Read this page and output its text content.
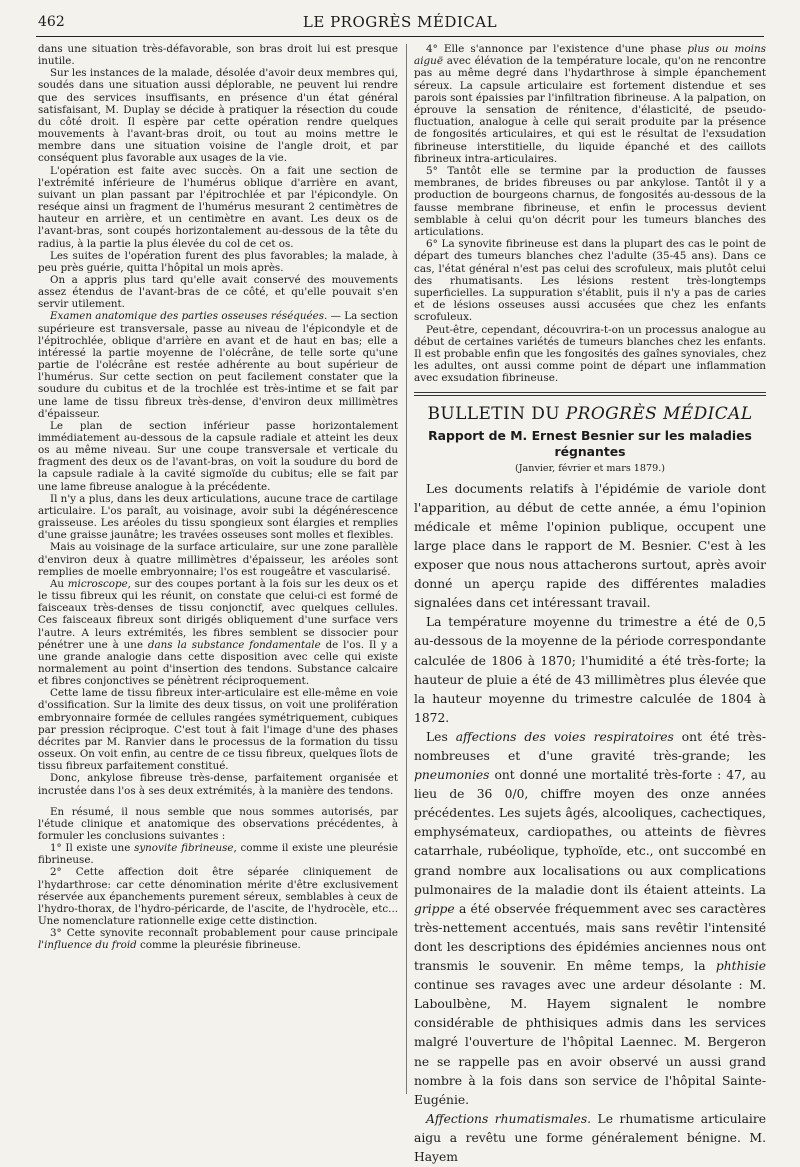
462	LE PROGRÈS MÉDICAL

dans une situation très-défavorable, son bras droit lui est presque inutile.

Sur les instances de la malade, désolée d'avoir deux membres qui, soudés dans une situation aussi déplorable, ne peuvent lui rendre que des services insuffisants, en présence d'un état général satisfaisant, M. Duplay se décide à pratiquer la résection du coude du côté droit. Il espère par cette opération rendre quelques mouvements à l'avant-bras droit, ou tout au moins mettre le membre dans une situation voisine de l'angle droit, et par conséquent plus favorable aux usages de la vie.

L'opération est faite avec succès. On a fait une section de l'extrémité inférieure de l'humérus oblique d'arrière en avant, suivant un plan passant par l'épitrochlée et par l'épicondyle. On reséque ainsi un fragment de l'humérus mesurant 2 centimètres de hauteur en arrière, et un centimètre en avant. Les deux os de l'avant-bras, sont coupés horizontalement au-dessous de la tête du radius, à la partie la plus élevée du col de cet os.

Les suites de l'opération furent des plus favorables; la malade, à peu près guérie, quitta l'hôpital un mois après.

On a appris plus tard qu'elle avait conservé des mouvements assez étendus de l'avant-bras de ce côté, et qu'elle pouvait s'en servir utilement.

Examen anatomique des parties osseuses réséquées. — La section supérieure est transversale, passe au niveau de l'épicondyle et de l'épitrochlée, oblique d'arrière en avant et de haut en bas; elle a intéressé la partie moyenne de l'olécrâne, de telle sorte qu'une partie de l'olécrâne est restée adhérente au bout supérieur de l'humérus. Sur cette section on peut facilement constater que la soudure du cubitus et de la trochlée est très-intime et se fait par une lame de tissu fibreux très-dense, d'environ deux millimètres d'épaisseur.

Le plan de section inférieur passe horizontalement immédiatement au-dessous de la capsule radiale et atteint les deux os au même niveau. Sur une coupe transversale et verticale du fragment des deux os de l'avant-bras, on voit la soudure du bord de la capsule radiale à la cavité sigmoïde du cubitus; elle se fait par une lame fibreuse analogue à la précédente.

Il n'y a plus, dans les deux articulations, aucune trace de cartilage articulaire. L'os paraît, au voisinage, avoir subi la dégénérescence graisseuse. Les aréoles du tissu spongieux sont élargies et remplies d'une graisse jaunâtre; les travées osseuses sont molles et flexibles.

Mais au voisinage de la surface articulaire, sur une zone parallèle d'environ deux à quatre millimètres d'épaisseur, les aréoles sont remplies de moelle embryonnaire; l'os est rougeâtre et vascularisé.

Au microscope, sur des coupes portant à la fois sur les deux os et le tissu fibreux qui les réunit, on constate que celui-ci est formé de faisceaux très-denses de tissu conjonctif, avec quelques cellules. Ces faisceaux fibreux sont dirigés obliquement d'une surface vers l'autre. A leurs extrémités, les fibres semblent se dissocier pour pénétrer une à une dans la substance fondamentale de l'os. Il y a une grande analogie dans cette disposition avec celle qui existe normalement au point d'insertion des tendons. Substance calcaire et fibres conjonctives se pénètrent réciproquement.

Cette lame de tissu fibreux inter-articulaire est elle-même en voie d'ossification. Sur la limite des deux tissus, on voit une prolifération embryonnaire formée de cellules rangées symétriquement, cubiques par pression réciproque. C'est tout à fait l'image d'une des phases décrites par M. Ranvier dans le processus de la formation du tissu osseux. On voit enfin, au centre de ce tissu fibreux, quelques îlots de tissu fibreux parfaitement constitué.

Donc, ankylose fibreuse très-dense, parfaitement organisée et incrustée dans l'os à ses deux extrémités, à la manière des tendons.

En résumé, il nous semble que nous sommes autorisés, par l'étude clinique et anatomique des observations précédentes, à formuler les conclusions suivantes :

1° Il existe une synovite fibrineuse, comme il existe une pleurésie fibrineuse.

2° Cette affection doit être séparée cliniquement de l'hydarthrose: car cette dénomination mérite d'être exclusivement réservée aux épanchements purement séreux, semblables à ceux de l'hydro-thorax, de l'hydro-péricarde, de l'ascite, de l'hydrocèle, etc... Une nomenclature rationnelle exige cette distinction.

3° Cette synovite reconnaît probablement pour cause principale l'influence du froid comme la pleurésie fibrineuse.

4° Elle s'annonce par l'existence d'une phase plus ou moins aiguë avec élévation de la température locale, qu'on ne rencontre pas au même degré dans l'hydarthrose à simple épanchement séreux. La capsule articulaire est fortement distendue et ses parois sont épaissies par l'infiltration fibrineuse. A la palpation, on éprouve la sensation de rénitence, d'élasticité, de pseudo-fluctuation, analogue à celle qui serait produite par la présence de fongosités articulaires, et qui est le résultat de l'exsudation fibrineuse interstitielle, du liquide épanché et des caillots fibrineux intra-articulaires.

5° Tantôt elle se termine par la production de fausses membranes, de brides fibreuses ou par ankylose. Tantôt il y a production de bourgeons charnus, de fongosités au-dessous de la fausse membrane fibrineuse, et enfin le processus devient semblable à celui qu'on décrit pour les tumeurs blanches des articulations.

6° La synovite fibrineuse est dans la plupart des cas le point de départ des tumeurs blanches chez l'adulte (35-45 ans). Dans ce cas, l'état général n'est pas celui des scrofuleux, mais plutôt celui des rhumatisants. Les lésions restent très-longtemps superficielles. La suppuration s'établit, puis il n'y a pas de caries et de lésions osseuses aussi accusées que chez les enfants scrofuleux.

Peut-être, cependant, découvrira-t-on un processus analogue au début de certaines variétés de tumeurs blanches chez les enfants. Il est probable enfin que les fongosités des gaînes synoviales, chez les adultes, ont aussi comme point de départ une inflammation avec exsudation fibrineuse.

BULLETIN DU PROGRÈS MÉDICAL
Rapport de M. Ernest Besnier sur les maladies régnantes
(Janvier, février et mars 1879.)

Les documents relatifs à l'épidémie de variole dont l'apparition, au début de cette année, a ému l'opinion médicale et même l'opinion publique, occupent une large place dans le rapport de M. Besnier. C'est à les exposer que nous nous attacherons surtout, après avoir donné un aperçu rapide des différentes maladies signalées dans cet intéressant travail.

La température moyenne du trimestre a été de 0,5 au-dessous de la moyenne de la période correspondante calculée de 1806 à 1870; l'humidité a été très-forte; la hauteur de pluie a été de 43 millimètres plus élevée que la hauteur moyenne du trimestre calculée de 1804 à 1872.

Les affections des voies respiratoires ont été très-nombreuses et d'une gravité très-grande; les pneumonies ont donné une mortalité très-forte : 47, au lieu de 36 0/0, chiffre moyen des onze années précédentes. Les sujets âgés, alcooliques, cachectiques, emphysémateux, cardiopathes, ou atteints de fièvres catarrhale, rubéolique, typhoïde, etc., ont succombé en grand nombre aux localisations ou aux complications pulmonaires de la maladie dont ils étaient atteints. La grippe a été observée fréquemment avec ses caractères très-nettement accentués, mais sans revêtir l'intensité dont les descriptions des épidémies anciennes nous ont transmis le souvenir. En même temps, la phthisie continue ses ravages avec une ardeur désolante : M. Laboulbène, M. Hayem signalent le nombre considérable de phthisiques admis dans les services malgré l'ouverture de l'hôpital Laennec. M. Bergeron ne se rappelle pas en avoir observé un aussi grand nombre à la fois dans son service de l'hôpital Sainte-Eugénie.

Affections rhumatismales. Le rhumatisme articulaire aigu a revêtu une forme généralement bénigne. M. Hayem
